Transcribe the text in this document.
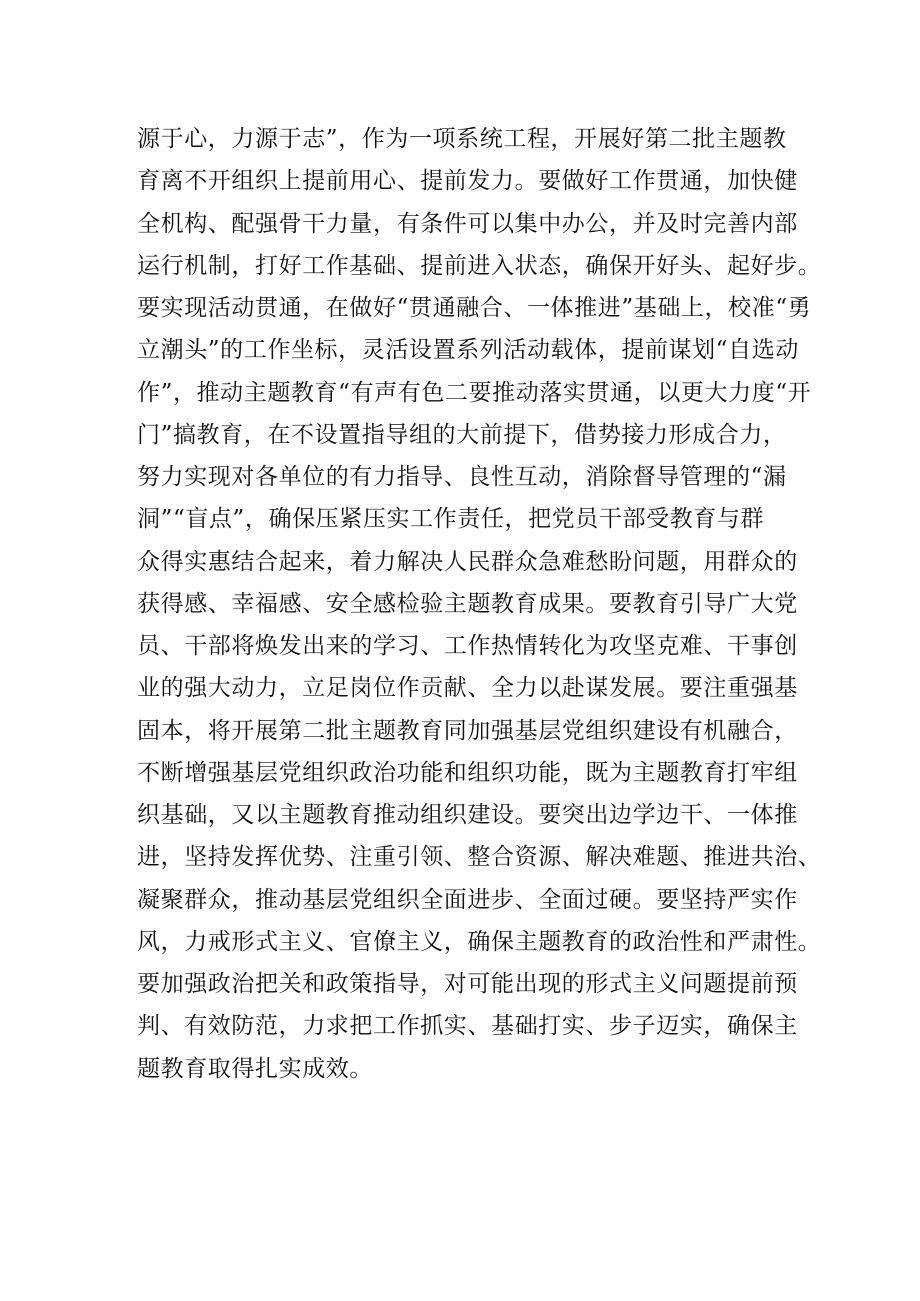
源于心，力源于志”，作为一项系统工程，开展好第二批主题教
育离不开组织上提前用心、提前发力。要做好工作贯通，加快健
全机构、配强骨干力量，有条件可以集中办公，并及时完善内部
运行机制，打好工作基础、提前进入状态，确保开好头、起好步。
要实现活动贯通，在做好“贯通融合、一体推进”基础上，校准“勇
立潮头”的工作坐标，灵活设置系列活动载体，提前谋划“自选动
作”，推动主题教育“有声有色二要推动落实贯通，以更大力度“开
门”搞教育，在不设置指导组的大前提下，借势接力形成合力，
努力实现对各单位的有力指导、良性互动，消除督导管理的“漏
洞”“盲点”，确保压紧压实工作责任，把党员干部受教育与群
众得实惠结合起来，着力解决人民群众急难愁盼问题，用群众的
获得感、幸福感、安全感检验主题教育成果。要教育引导广大党
员、干部将焕发出来的学习、工作热情转化为攻坚克难、干事创
业的强大动力，立足岗位作贡献、全力以赴谋发展。要注重强基
固本，将开展第二批主题教育同加强基层党组织建设有机融合，
不断增强基层党组织政治功能和组织功能，既为主题教育打牢组
织基础，又以主题教育推动组织建设。要突出边学边干、一体推
进，坚持发挥优势、注重引领、整合资源、解决难题、推进共治、
凝聚群众，推动基层党组织全面进步、全面过硬。要坚持严实作
风，力戒形式主义、官僚主义，确保主题教育的政治性和严肃性。
要加强政治把关和政策指导，对可能出现的形式主义问题提前预
判、有效防范，力求把工作抓实、基础打实、步子迈实，确保主
题教育取得扎实成效。
